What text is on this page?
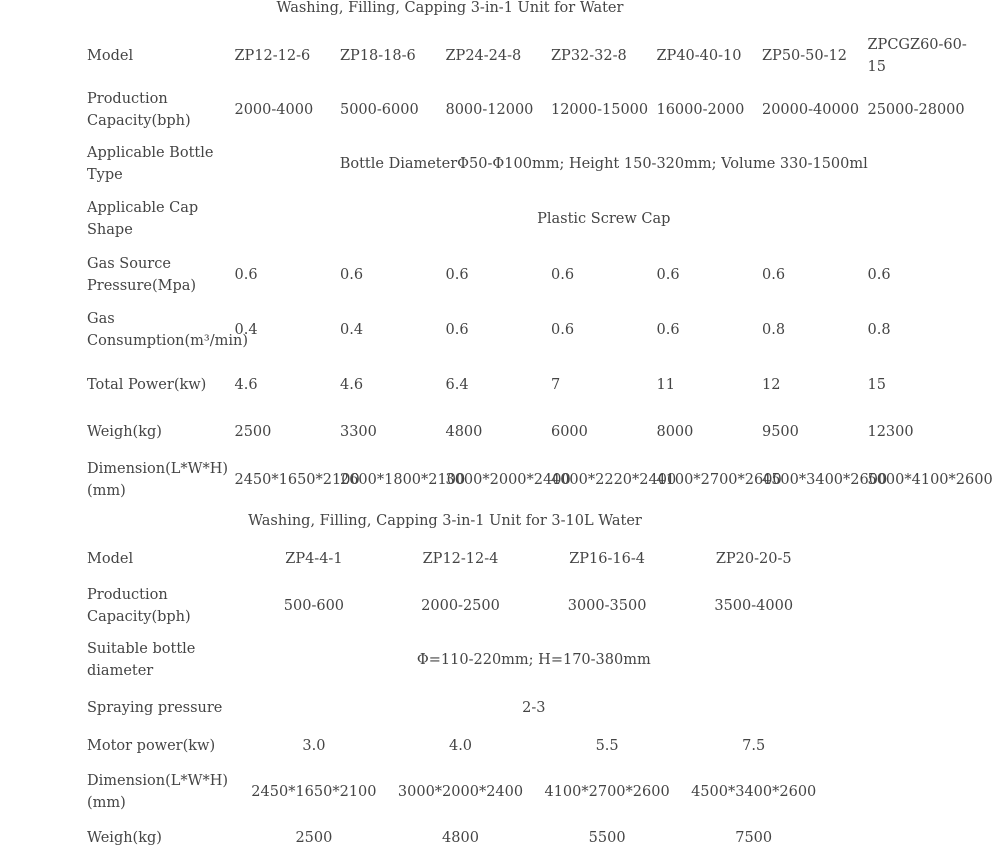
Washing, Filling, Capping 3-in-1 Unit for Water
Model	ZP12-12-6	ZP18-18-6	ZP24-24-8	ZP32-32-8	ZP40-40-10	ZP50-50-12	ZPCGZ60-60-15
Production Capacity(bph)	2000-4000	5000-6000	8000-12000	12000-15000	16000-2000	20000-40000	25000-28000
Applicable Bottle Type	Bottle DiameterΦ50-Φ100mm; Height 150-320mm; Volume 330-1500ml						
Applicable Cap Shape	Plastic Screw Cap						
Gas Source Pressure(Mpa)	0.6	0.6	0.6	0.6	0.6	0.6	0.6
Gas Consumption(m³/min)	0.4	0.4	0.6	0.6	0.6	0.8	0.8
Total Power(kw)	4.6	4.6	6.4	7	11	12	15
Weigh(kg)	2500	3300	4800	6000	8000	9500	12300
Dimension(L*W*H)(mm)	2450*1650*2100	2600*1800*2100	3000*2000*2400	4000*2220*2400	4100*2700*2600	4500*3400*2600	5000*4100*2600
Washing, Filling, Capping 3-in-1 Unit for 3-10L Water
Model	ZP4-4-1	ZP12-12-4	ZP16-16-4	ZP20-20-5
Production Capacity(bph)	500-600	2000-2500	3000-3500	3500-4000
Suitable bottle diameter	Φ=110-220mm; H=170-380mm			
Spraying pressure	2-3			
Motor power(kw)	3.0	4.0	5.5	7.5
Dimension(L*W*H)(mm)	2450*1650*2100	3000*2000*2400	4100*2700*2600	4500*3400*2600
Weigh(kg)	2500	4800	5500	7500
